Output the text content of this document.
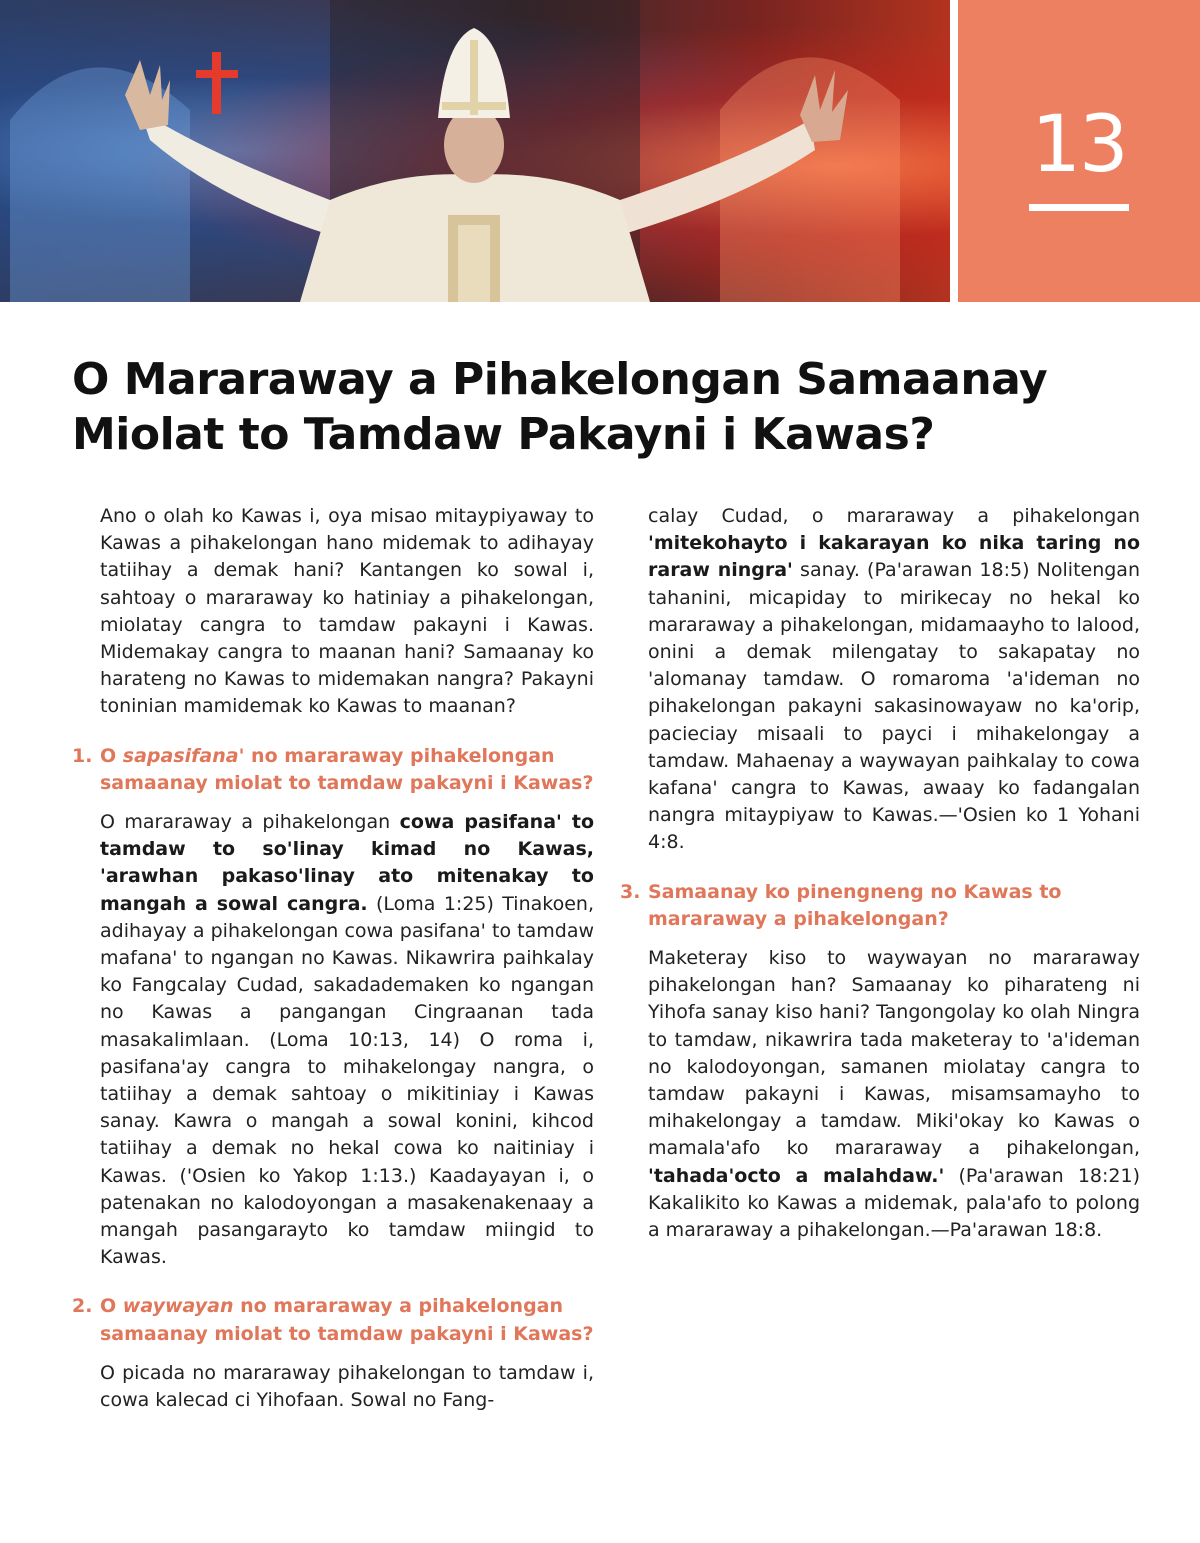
13
O Mararaway a Pihakelongan Samaanay Miolat to Tamdaw Pakayni i Kawas?

Ano o olah ko Kawas i, oya misao mitaypiyaway to Kawas a pihakelongan hano midemak to adihayay tatiihay a demak hani? Kantangen ko sowal i, sahtoay o mararaway ko hatiniay a pihakelongan, miolatay cangra to tamdaw pakayni i Kawas. Midemakay cangra to maanan hani? Samaanay ko harateng no Kawas to midemakan nangra? Pakayni toninian mamidemak ko Kawas to maanan?

1. O sapasifana' no mararaway pihakelongan samaanay miolat to tamdaw pakayni i Kawas?

O mararaway a pihakelongan cowa pasifana' to tamdaw to so'linay kimad no Kawas, 'arawhan pakaso'linay ato mitenakay to mangah a sowal cangra. (Loma 1:25) Tinakoen, adihayay a pihakelongan cowa pasifana' to tamdaw mafana' to ngangan no Kawas. Nikawrira paihkalay ko Fangcalay Cudad, sakadademaken ko ngangan no Kawas a pangangan Cingraanan tada masakalimlaan. (Loma 10:13, 14) O roma i, pasifana'ay cangra to mihakelongay nangra, o tatiihay a demak sahtoay o mikitiniay i Kawas sanay. Kawra o mangah a sowal konini, kihcod tatiihay a demak no hekal cowa ko naitiniay i Kawas. ('Osien ko Yakop 1:13.) Kaadayayan i, o patenakan no kalodoyongan a masakenakenaay a mangah pasangarayto ko tamdaw miingid to Kawas.

2. O waywayan no mararaway a pihakelongan samaanay miolat to tamdaw pakayni i Kawas?

O picada no mararaway pihakelongan to tamdaw i, cowa kalecad ci Yihofaan. Sowal no Fang-

calay Cudad, o mararaway a pihakelongan 'mitekohayto i kakarayan ko nika taring no raraw ningra' sanay. (Pa'arawan 18:5) Nolitengan tahanini, micapiday to mirikecay no hekal ko mararaway a pihakelongan, midamaayho to lalood, onini a demak milengatay to sakapatay no 'alomanay tamdaw. O romaroma 'a'ideman no pihakelongan pakayni sakasinowayaw no ka'orip, pacieciay misaali to payci i mihakelongay a tamdaw. Mahaenay a waywayan paihkalay to cowa kafana' cangra to Kawas, awaay ko fadangalan nangra mitaypiyaw to Kawas.—'Osien ko 1 Yohani 4:8.

3. Samaanay ko pinengneng no Kawas to mararaway a pihakelongan?

Maketeray kiso to waywayan no mararaway pihakelongan han? Samaanay ko piharateng ni Yihofa sanay kiso hani? Tangongolay ko olah Ningra to tamdaw, nikawrira tada maketeray to 'a'ideman no kalodoyongan, samanen miolatay cangra to tamdaw pakayni i Kawas, misamsamayho to mihakelongay a tamdaw. Miki'okay ko Kawas o mamala'afo ko mararaway a pihakelongan, 'tahada'octo a malahdaw.' (Pa'arawan 18:21) Kakalikito ko Kawas a midemak, pala'afo to polong a mararaway a pihakelongan.—Pa'arawan 18:8.
